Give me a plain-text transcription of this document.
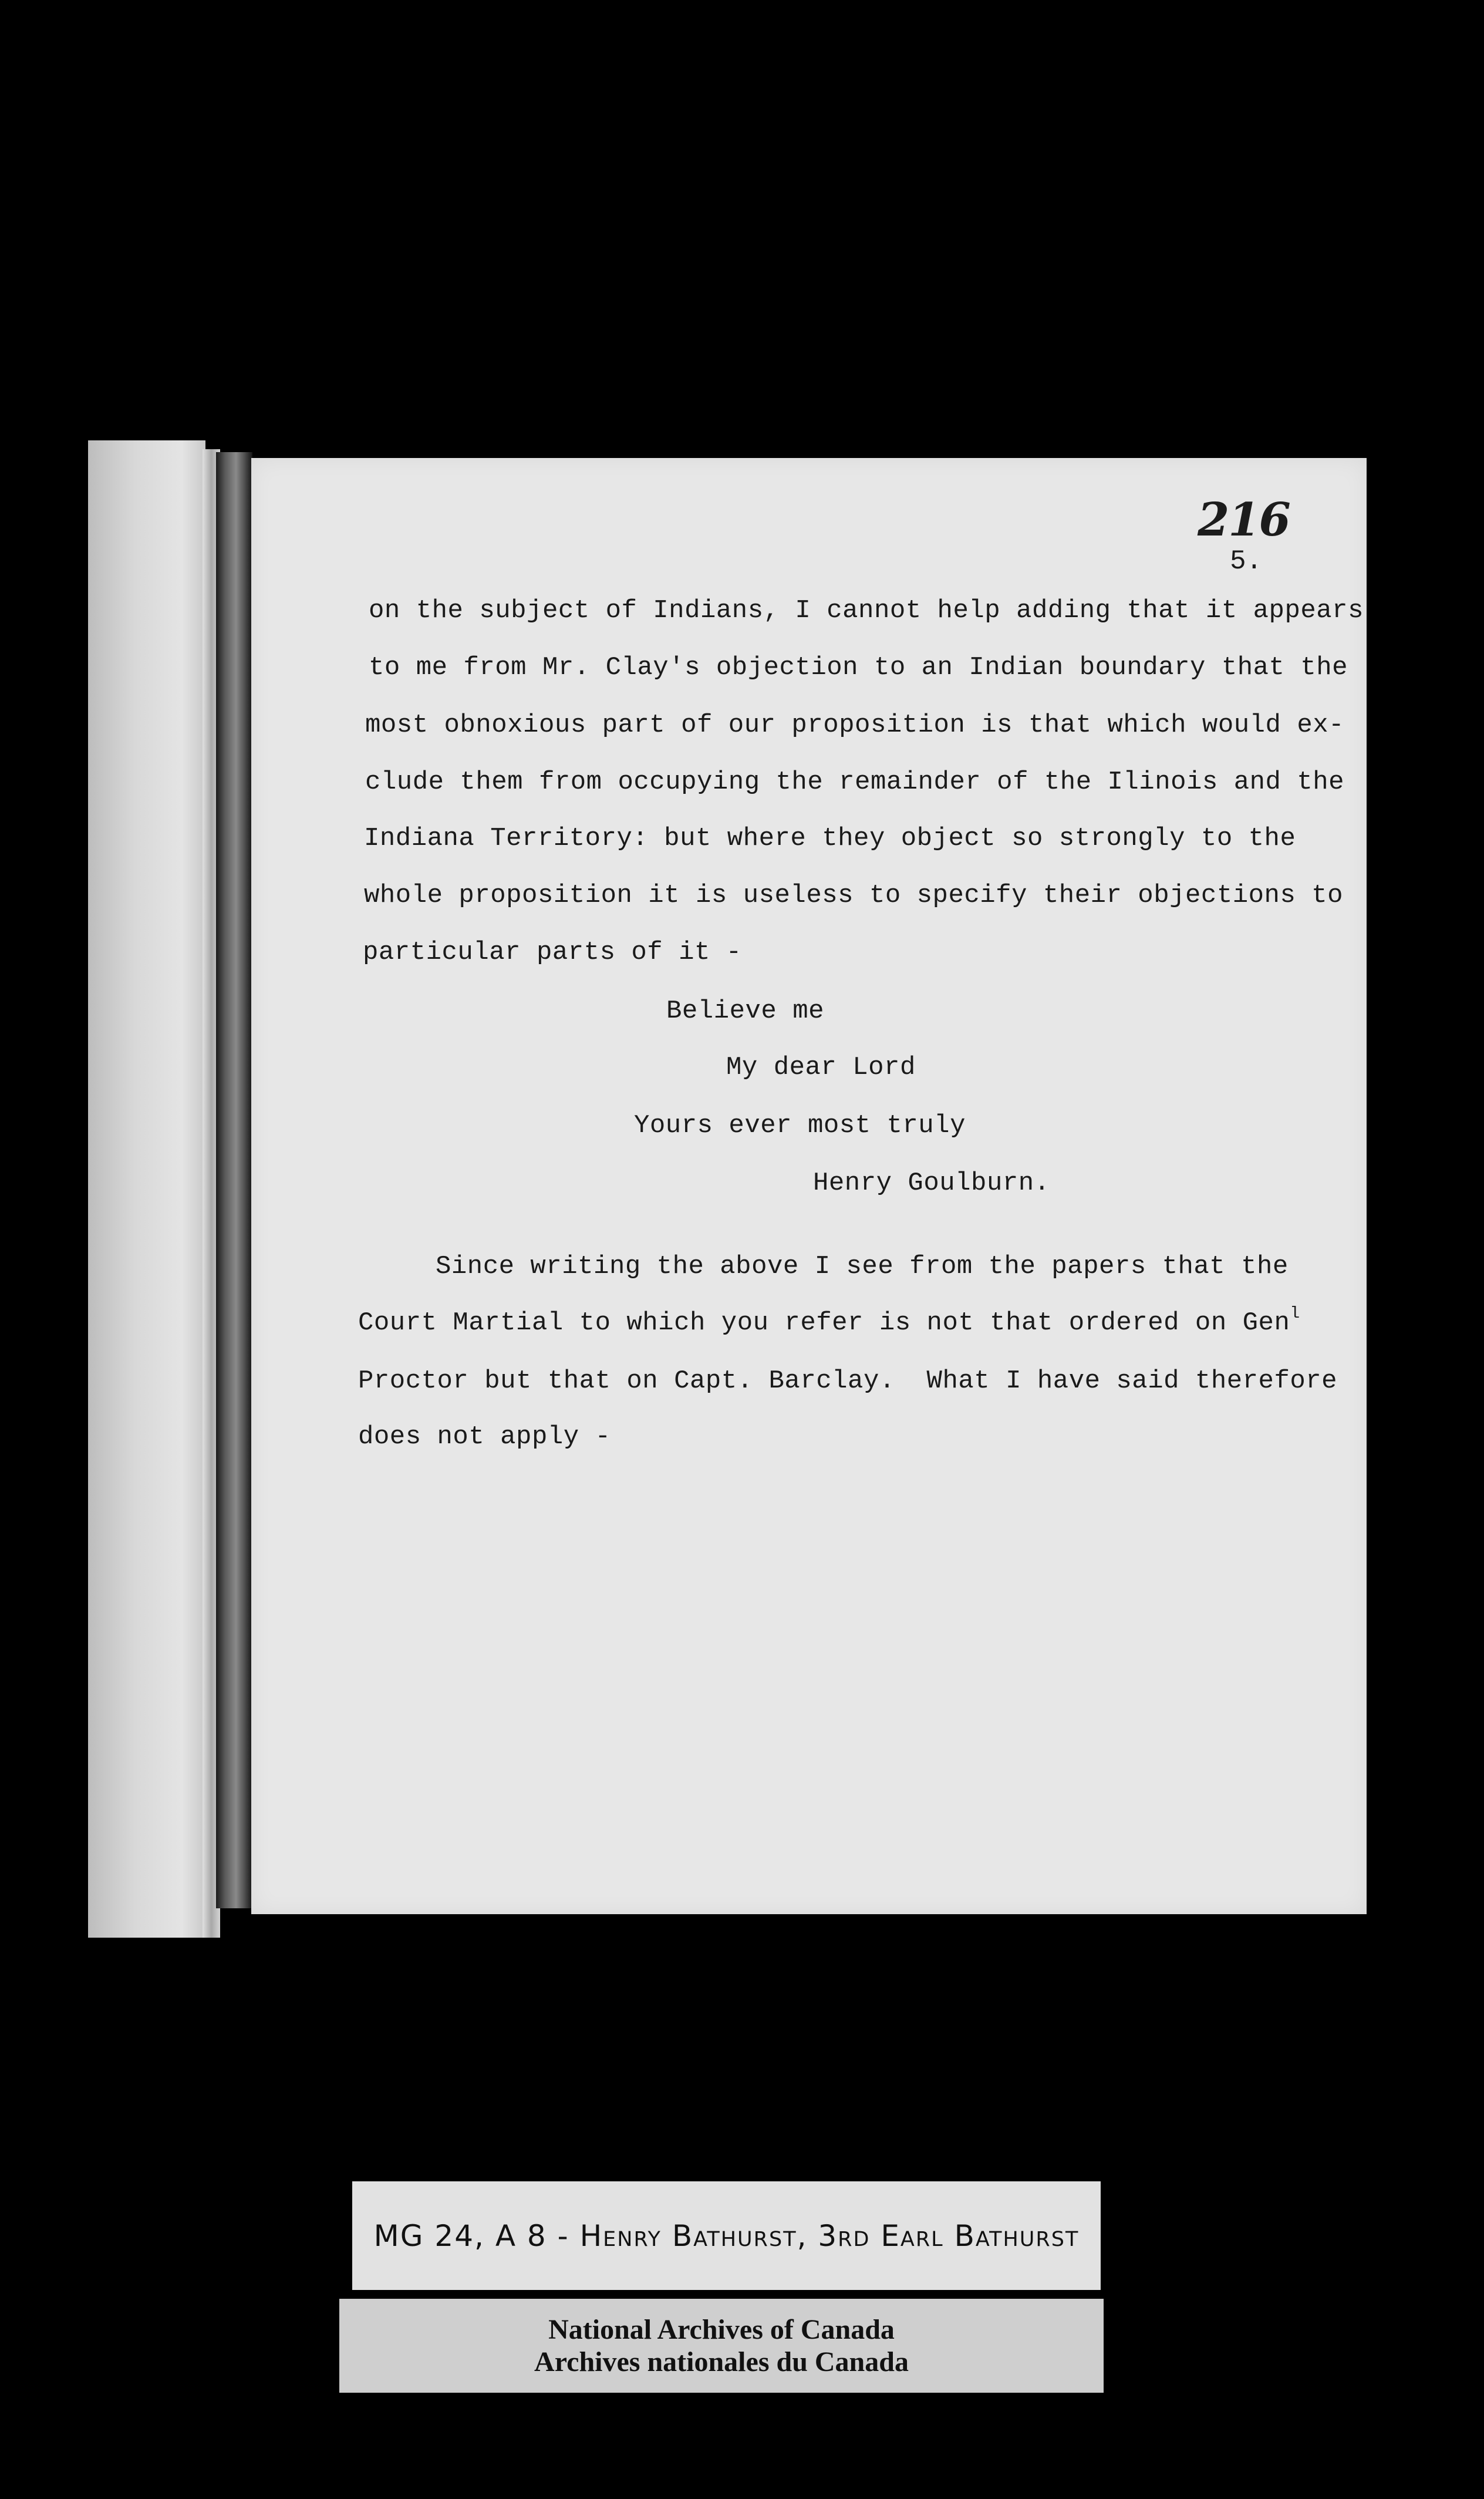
216
5.
on the subject of Indians, I cannot help adding that it appears
to me from Mr. Clay's objection to an Indian boundary that the
most obnoxious part of our proposition is that which would ex-
clude them from occupying the remainder of the Ilinois and the
Indiana Territory: but where they object so strongly to the
whole proposition it is useless to specify their objections to
particular parts of it -
Believe me
My dear Lord
Yours ever most truly
Henry Goulburn.
Since writing the above I see from the papers that the
Court Martial to which you refer is not that ordered on Gen$^l$
Proctor but that on Capt. Barclay.  What I have said therefore
does not apply -
MG 24, A 8 - Henry Bathurst, 3rd Earl Bathurst
National Archives of Canada
Archives nationales du Canada
